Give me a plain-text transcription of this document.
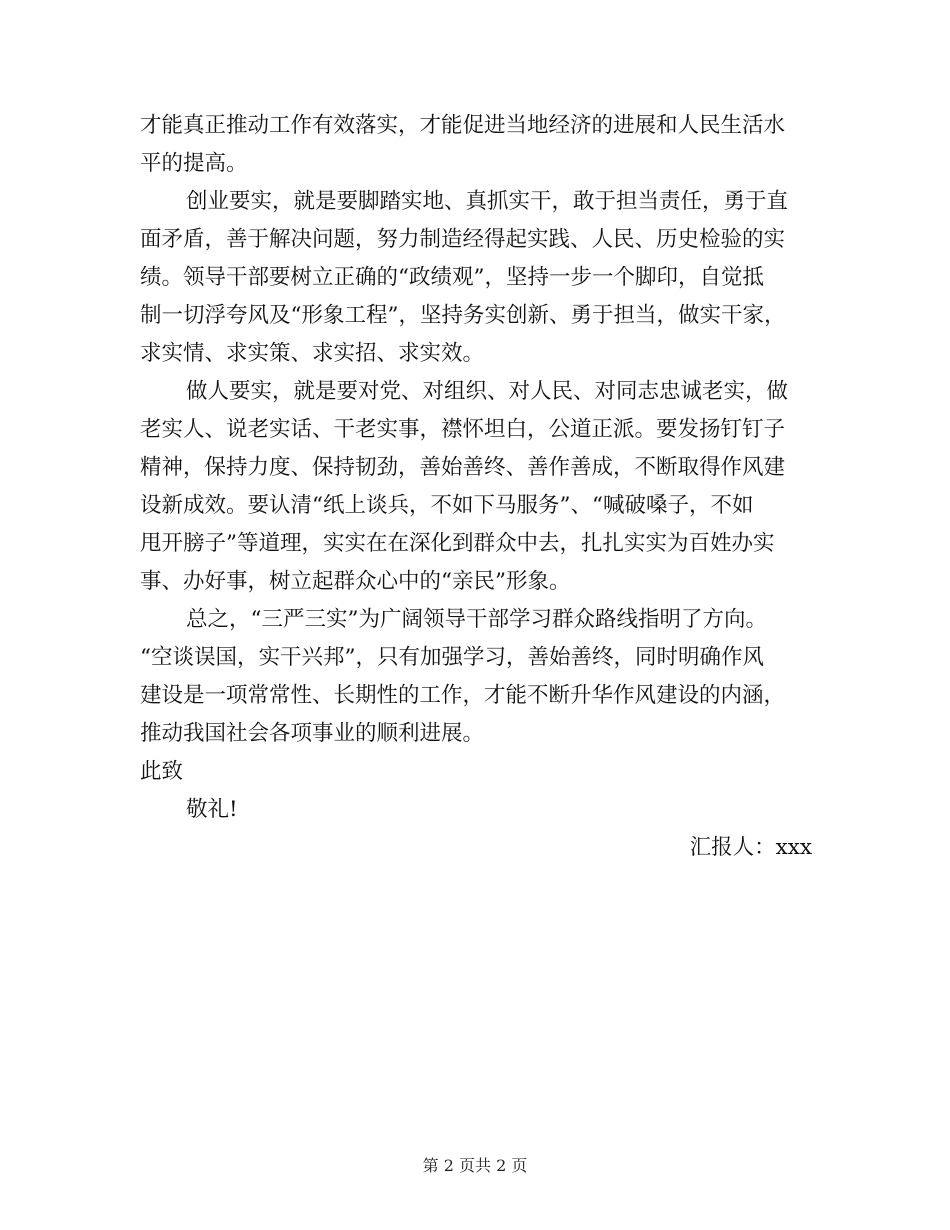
才能真正推动工作有效落实，才能促进当地经济的进展和人民生活水
平的提高。
创业要实，就是要脚踏实地、真抓实干，敢于担当责任，勇于直
面矛盾，善于解决问题，努力制造经得起实践、人民、历史检验的实
绩。领导干部要树立正确的“政绩观”，坚持一步一个脚印，自觉抵
制一切浮夸风及“形象工程”，坚持务实创新、勇于担当，做实干家，
求实情、求实策、求实招、求实效。
做人要实，就是要对党、对组织、对人民、对同志忠诚老实，做
老实人、说老实话、干老实事，襟怀坦白，公道正派。要发扬钉钉子
精神，保持力度、保持韧劲，善始善终、善作善成，不断取得作风建
设新成效。要认清“纸上谈兵，不如下马服务”、“喊破嗓子，不如
甩开膀子”等道理，实实在在深化到群众中去，扎扎实实为百姓办实
事、办好事，树立起群众心中的“亲民”形象。
总之，“三严三实”为广阔领导干部学习群众路线指明了方向。
“空谈误国，实干兴邦”，只有加强学习，善始善终，同时明确作风
建设是一项常常性、长期性的工作，才能不断升华作风建设的内涵，
推动我国社会各项事业的顺利进展。
此致
敬礼!
汇报人：xxx
第 2 页共 2 页
